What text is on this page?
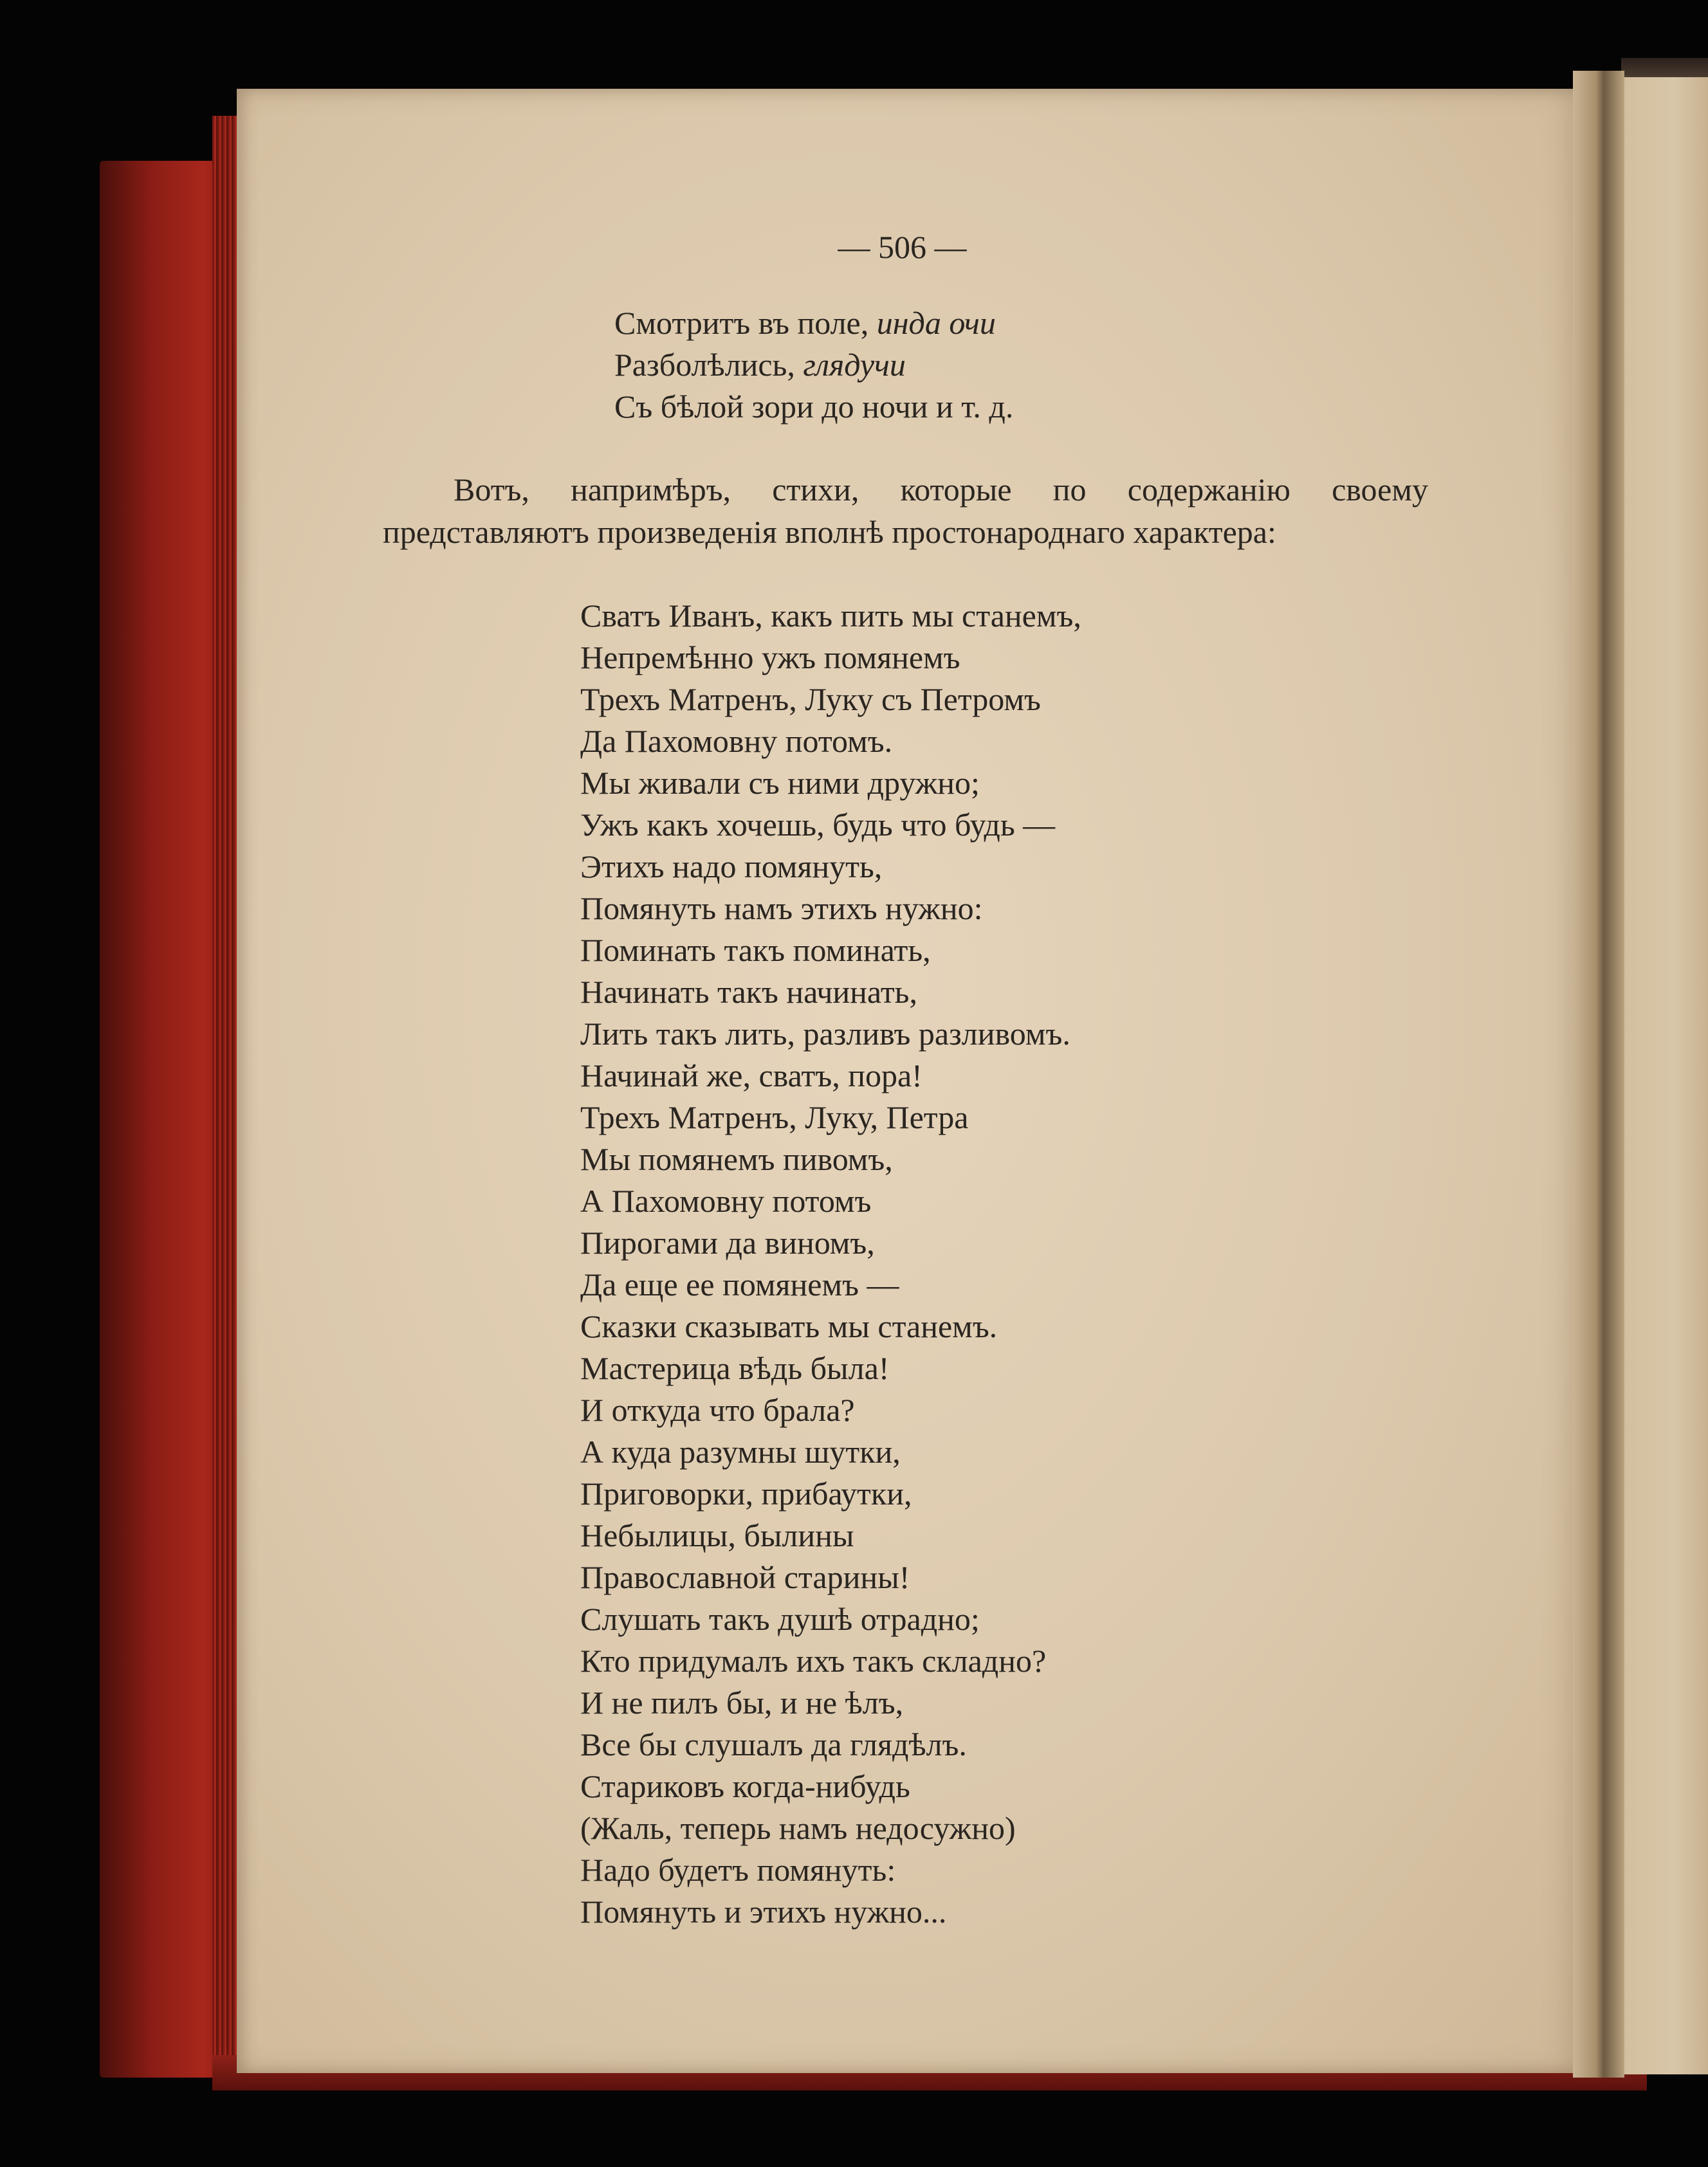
— 506 —
Смотритъ въ поле, инда очи
Разболѣлись, глядучи
Съ бѣлой зори до ночи и т. д.
Вотъ, напримѣръ, стихи, которые по содержанію своему представляютъ произведенія вполнѣ простонароднаго характера:
Сватъ Иванъ, какъ пить мы станемъ,
Непремѣнно ужъ помянемъ
Трехъ Матренъ, Луку съ Петромъ
Да Пахомовну потомъ.
Мы живали съ ними дружно;
Ужъ какъ хочешь, будь что будь —
Этихъ надо помянуть,
Помянуть намъ этихъ нужно:
Поминать такъ поминать,
Начинать такъ начинать,
Лить такъ лить, разливъ разливомъ.
Начинай же, сватъ, пора!
Трехъ Матренъ, Луку, Петра
Мы помянемъ пивомъ,
А Пахомовну потомъ
Пирогами да виномъ,
Да еще ее помянемъ —
Сказки сказывать мы станемъ.
Мастерица вѣдь была!
И откуда что брала?
А куда разумны шутки,
Приговорки, прибаутки,
Небылицы, былины
Православной старины!
Слушать такъ душѣ отрадно;
Кто придумалъ ихъ такъ складно?
И не пилъ бы, и не ѣлъ,
Все бы слушалъ да глядѣлъ.
Стариковъ когда-нибудь
(Жаль, теперь намъ недосужно)
Надо будетъ помянуть:
Помянуть и этихъ нужно...
